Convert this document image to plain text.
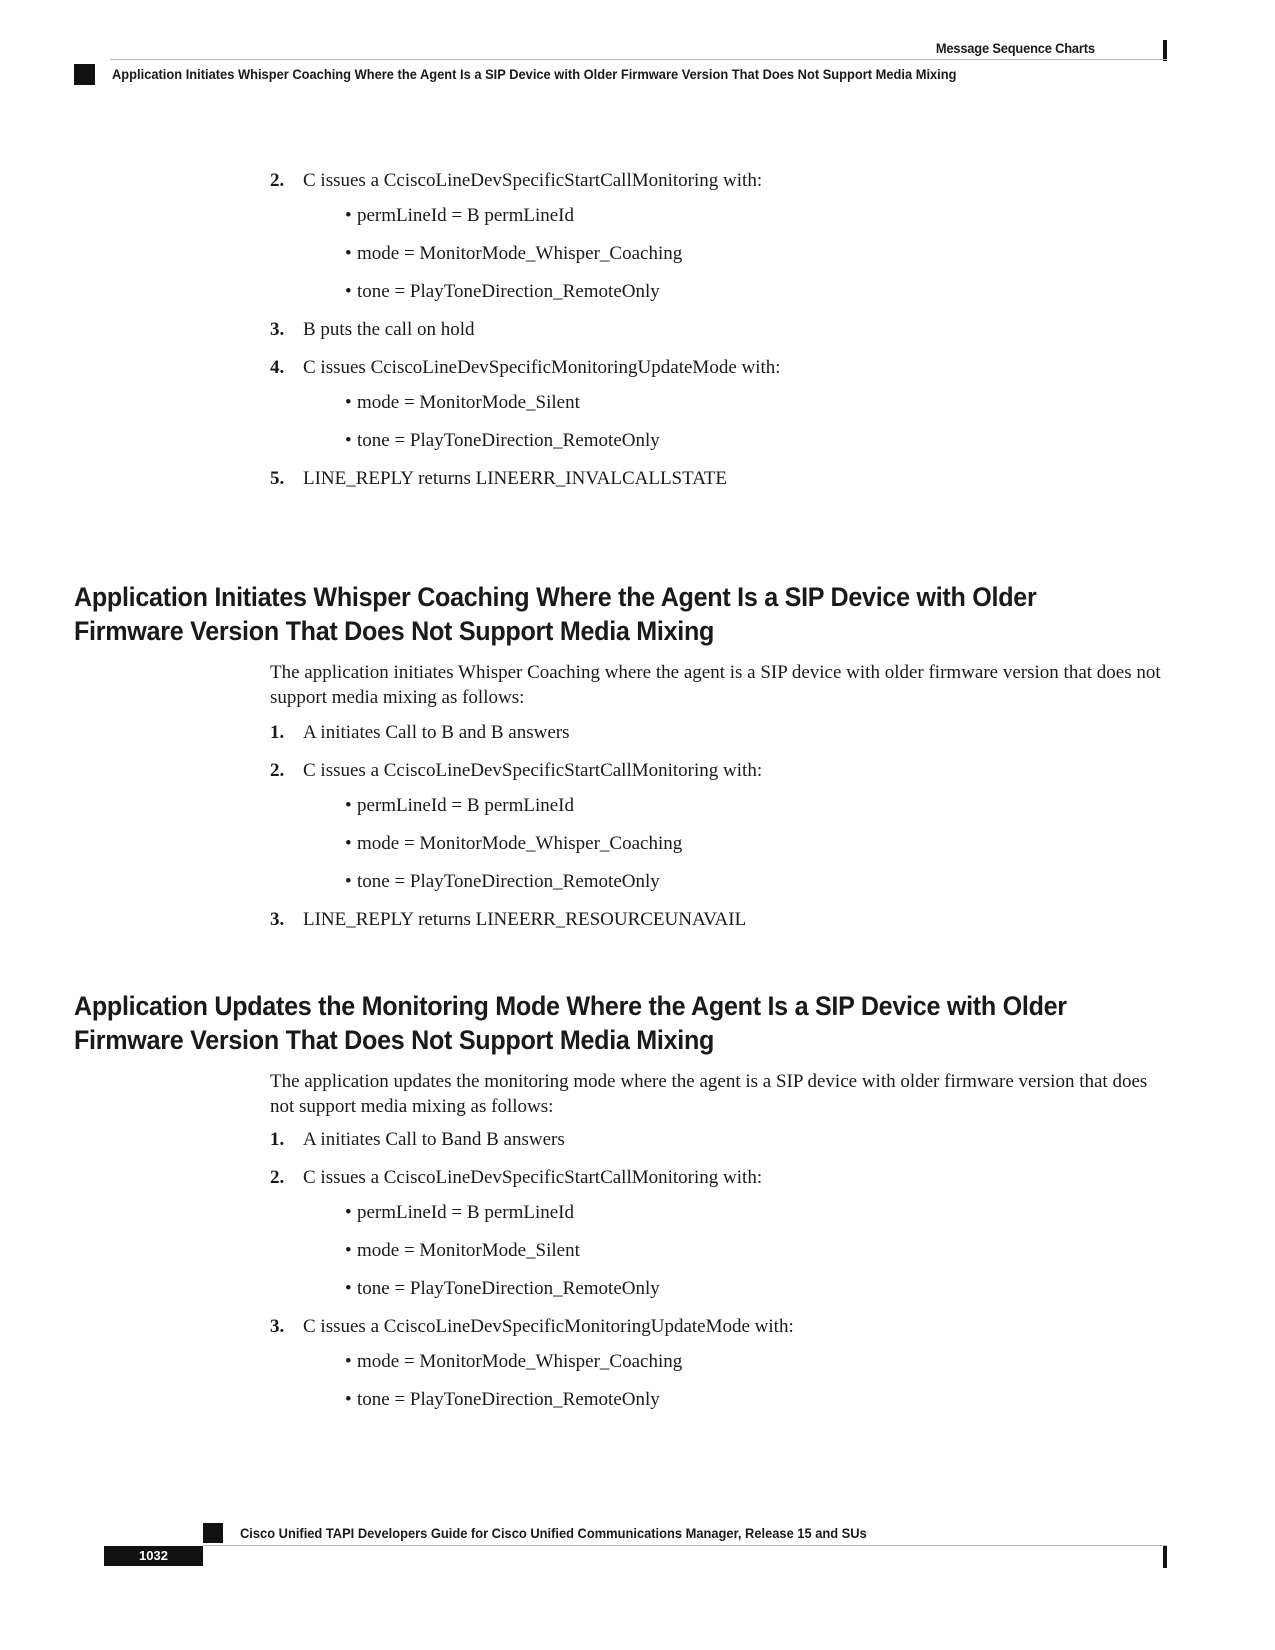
Message Sequence Charts
Application Initiates Whisper Coaching Where the Agent Is a SIP Device with Older Firmware Version That Does Not Support Media Mixing
2. C issues a CciscoLineDevSpecificStartCallMonitoring with:
• permLineId = B permLineId
• mode = MonitorMode_Whisper_Coaching
• tone = PlayToneDirection_RemoteOnly
3. B puts the call on hold
4. C issues CciscoLineDevSpecificMonitoringUpdateMode with:
• mode = MonitorMode_Silent
• tone = PlayToneDirection_RemoteOnly
5. LINE_REPLY returns LINEERR_INVALCALLSTATE
Application Initiates Whisper Coaching Where the Agent Is a SIP Device with Older Firmware Version That Does Not Support Media Mixing

The application initiates Whisper Coaching where the agent is a SIP device with older firmware version that does not support media mixing as follows:

1. A initiates Call to B and B answers
2. C issues a CciscoLineDevSpecificStartCallMonitoring with:
• permLineId = B permLineId
• mode = MonitorMode_Whisper_Coaching
• tone = PlayToneDirection_RemoteOnly
3. LINE_REPLY returns LINEERR_RESOURCEUNAVAIL
Application Updates the Monitoring Mode Where the Agent Is a SIP Device with Older Firmware Version That Does Not Support Media Mixing

The application updates the monitoring mode where the agent is a SIP device with older firmware version that does not support media mixing as follows:

1. A initiates Call to Band B answers
2. C issues a CciscoLineDevSpecificStartCallMonitoring with:
• permLineId = B permLineId
• mode = MonitorMode_Silent
• tone = PlayToneDirection_RemoteOnly
3. C issues a CciscoLineDevSpecificMonitoringUpdateMode with:
• mode = MonitorMode_Whisper_Coaching
• tone = PlayToneDirection_RemoteOnly
Cisco Unified TAPI Developers Guide for Cisco Unified Communications Manager, Release 15 and SUs
1032
